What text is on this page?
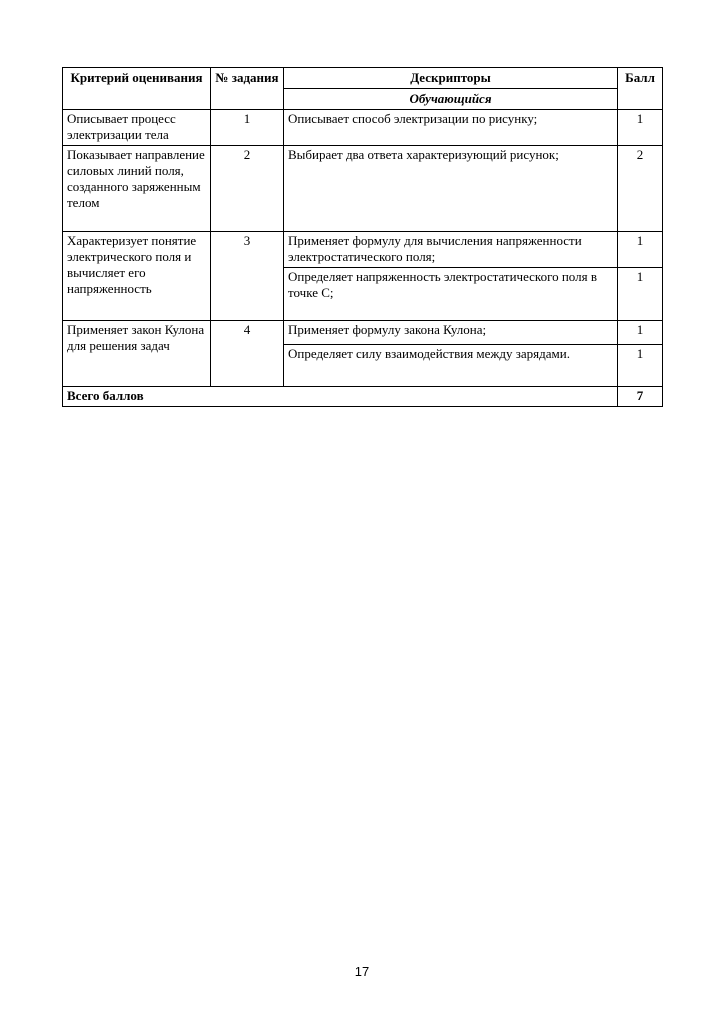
Критерий оценивания	№ задания	Дескрипторы	Балл
		Обучающийся	
Описывает процесс электризации тела	1	Описывает способ электризации по рисунку;	1
Показывает направление силовых линий поля, созданного заряженным телом	2	Выбирает два ответа характеризующий рисунок;	2
Характеризует понятие электрического поля и вычисляет его напряженность	3	Применяет формулу для вычисления напряженности электростатического поля;	1
		Определяет напряженность электростатического поля в точке С;	1
Применяет закон Кулона для решения задач	4	Применяет формулу закона Кулона;	1
		Определяет силу взаимодействия между зарядами.	1
Всего баллов			7
17
